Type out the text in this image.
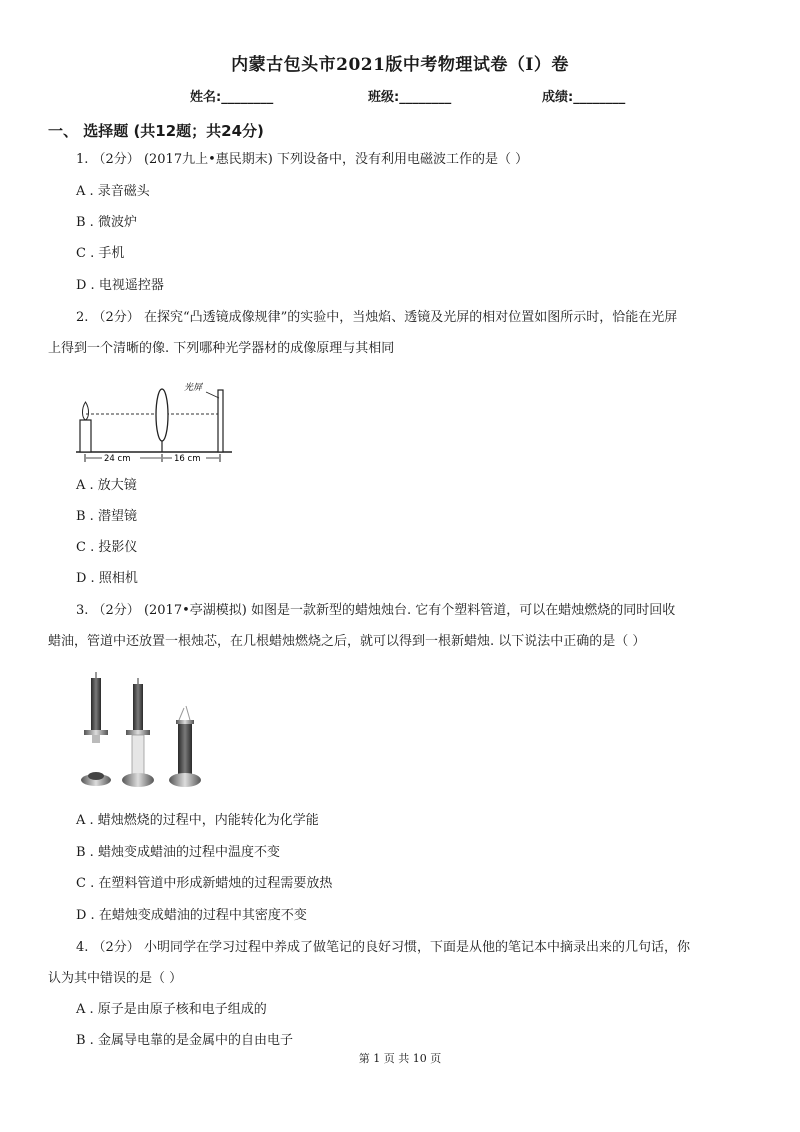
内蒙古包头市2021版中考物理试卷（I）卷
姓名:________	班级:________	成绩:________
一、 选择题 (共12题；共24分)
1. （2分） (2017九上•惠民期末) 下列设备中，没有利用电磁波工作的是（ ）
A . 录音磁头
B . 微波炉
C . 手机
D . 电视遥控器
2. （2分） 在探究“凸透镜成像规律”的实验中，当烛焰、透镜及光屏的相对位置如图所示时，恰能在光屏
上得到一个清晰的像. 下列哪种光学器材的成像原理与其相同
光屏
24 cm	16 cm
A . 放大镜
B . 潜望镜
C . 投影仪
D . 照相机
3. （2分） (2017•亭湖模拟) 如图是一款新型的蜡烛烛台. 它有个塑料管道，可以在蜡烛燃烧的同时回收
蜡油，管道中还放置一根烛芯，在几根蜡烛燃烧之后，就可以得到一根新蜡烛. 以下说法中正确的是（ ）
A . 蜡烛燃烧的过程中，内能转化为化学能
B . 蜡烛变成蜡油的过程中温度不变
C . 在塑料管道中形成新蜡烛的过程需要放热
D . 在蜡烛变成蜡油的过程中其密度不变
4. （2分） 小明同学在学习过程中养成了做笔记的良好习惯，下面是从他的笔记本中摘录出来的几句话，你
认为其中错误的是（ ）
A . 原子是由原子核和电子组成的
B . 金属导电靠的是金属中的自由电子
第 1 页 共 10 页
